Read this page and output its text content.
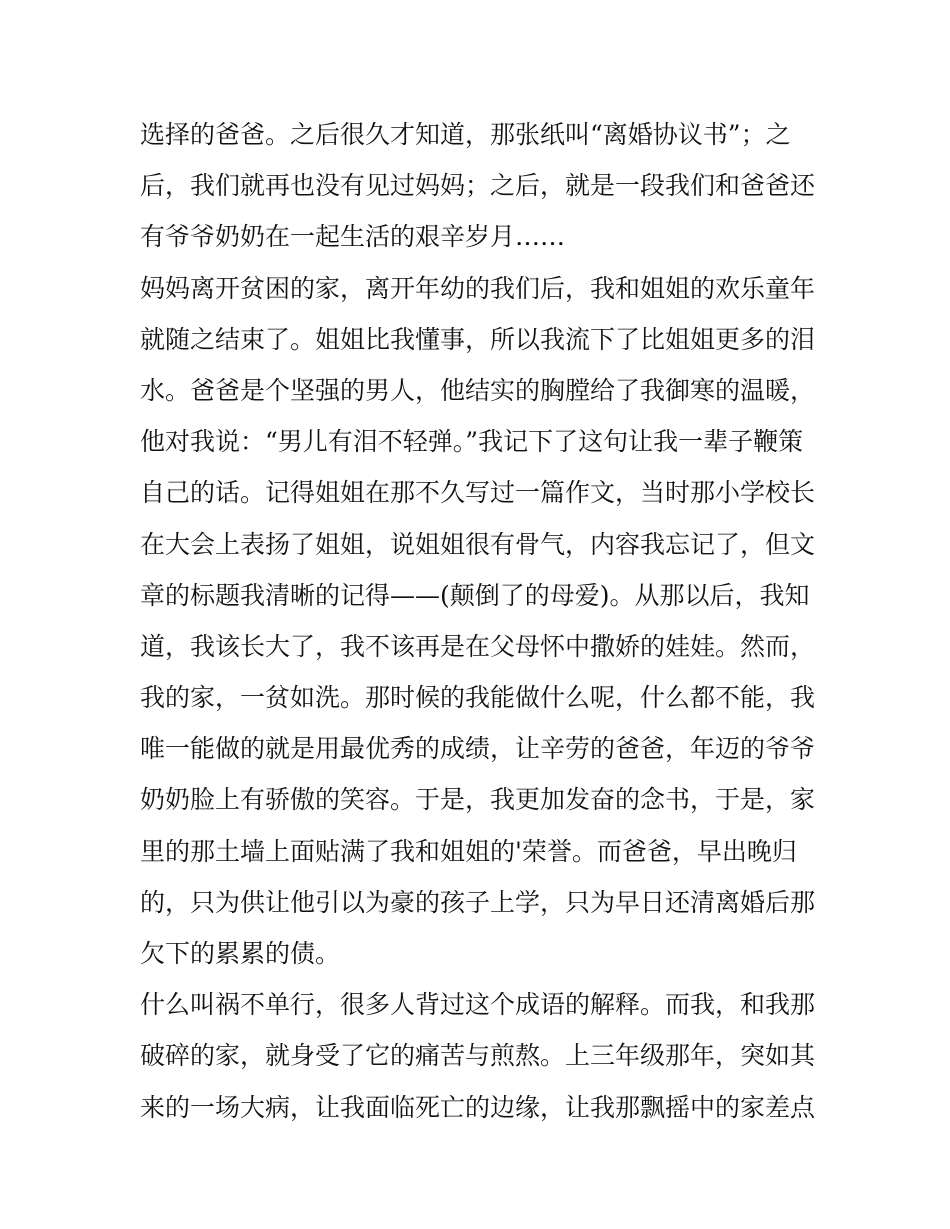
选择的爸爸。之后很久才知道，那张纸叫“离婚协议书”；之
后，我们就再也没有见过妈妈；之后，就是一段我们和爸爸还
有爷爷奶奶在一起生活的艰辛岁月……
妈妈离开贫困的家，离开年幼的我们后，我和姐姐的欢乐童年
就随之结束了。姐姐比我懂事，所以我流下了比姐姐更多的泪
水。爸爸是个坚强的男人，他结实的胸膛给了我御寒的温暖，
他对我说：“男儿有泪不轻弹。”我记下了这句让我一辈子鞭策
自己的话。记得姐姐在那不久写过一篇作文，当时那小学校长
在大会上表扬了姐姐，说姐姐很有骨气，内容我忘记了，但文
章的标题我清晰的记得——(颠倒了的母爱)。从那以后，我知
道，我该长大了，我不该再是在父母怀中撒娇的娃娃。然而，
我的家，一贫如洗。那时候的我能做什么呢，什么都不能，我
唯一能做的就是用最优秀的成绩，让辛劳的爸爸，年迈的爷爷
奶奶脸上有骄傲的笑容。于是，我更加发奋的念书，于是，家
里的那土墙上面贴满了我和姐姐的'荣誉。而爸爸，早出晚归
的，只为供让他引以为豪的孩子上学，只为早日还清离婚后那
欠下的累累的债。
什么叫祸不单行，很多人背过这个成语的解释。而我，和我那
破碎的家，就身受了它的痛苦与煎熬。上三年级那年，突如其
来的一场大病，让我面临死亡的边缘，让我那飘摇中的家差点
